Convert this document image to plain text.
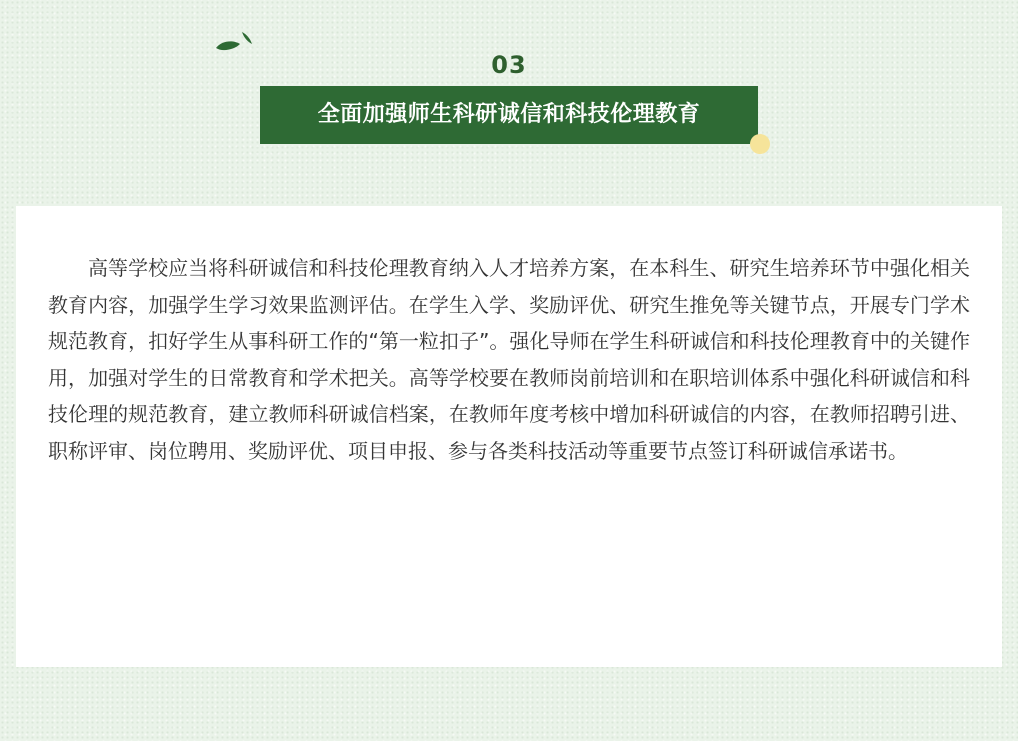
03
全面加强师生科研诚信和科技伦理教育

高等学校应当将科研诚信和科技伦理教育纳入人才培养方案，在本科生、研究生培养环节中强化相关教育内容，加强学生学习效果监测评估。在学生入学、奖励评优、研究生推免等关键节点，开展专门学术规范教育，扣好学生从事科研工作的“第一粒扣子”。强化导师在学生科研诚信和科技伦理教育中的关键作用，加强对学生的日常教育和学术把关。高等学校要在教师岗前培训和在职培训体系中强化科研诚信和科技伦理的规范教育，建立教师科研诚信档案，在教师年度考核中增加科研诚信的内容，在教师招聘引进、职称评审、岗位聘用、奖励评优、项目申报、参与各类科技活动等重要节点签订科研诚信承诺书。
